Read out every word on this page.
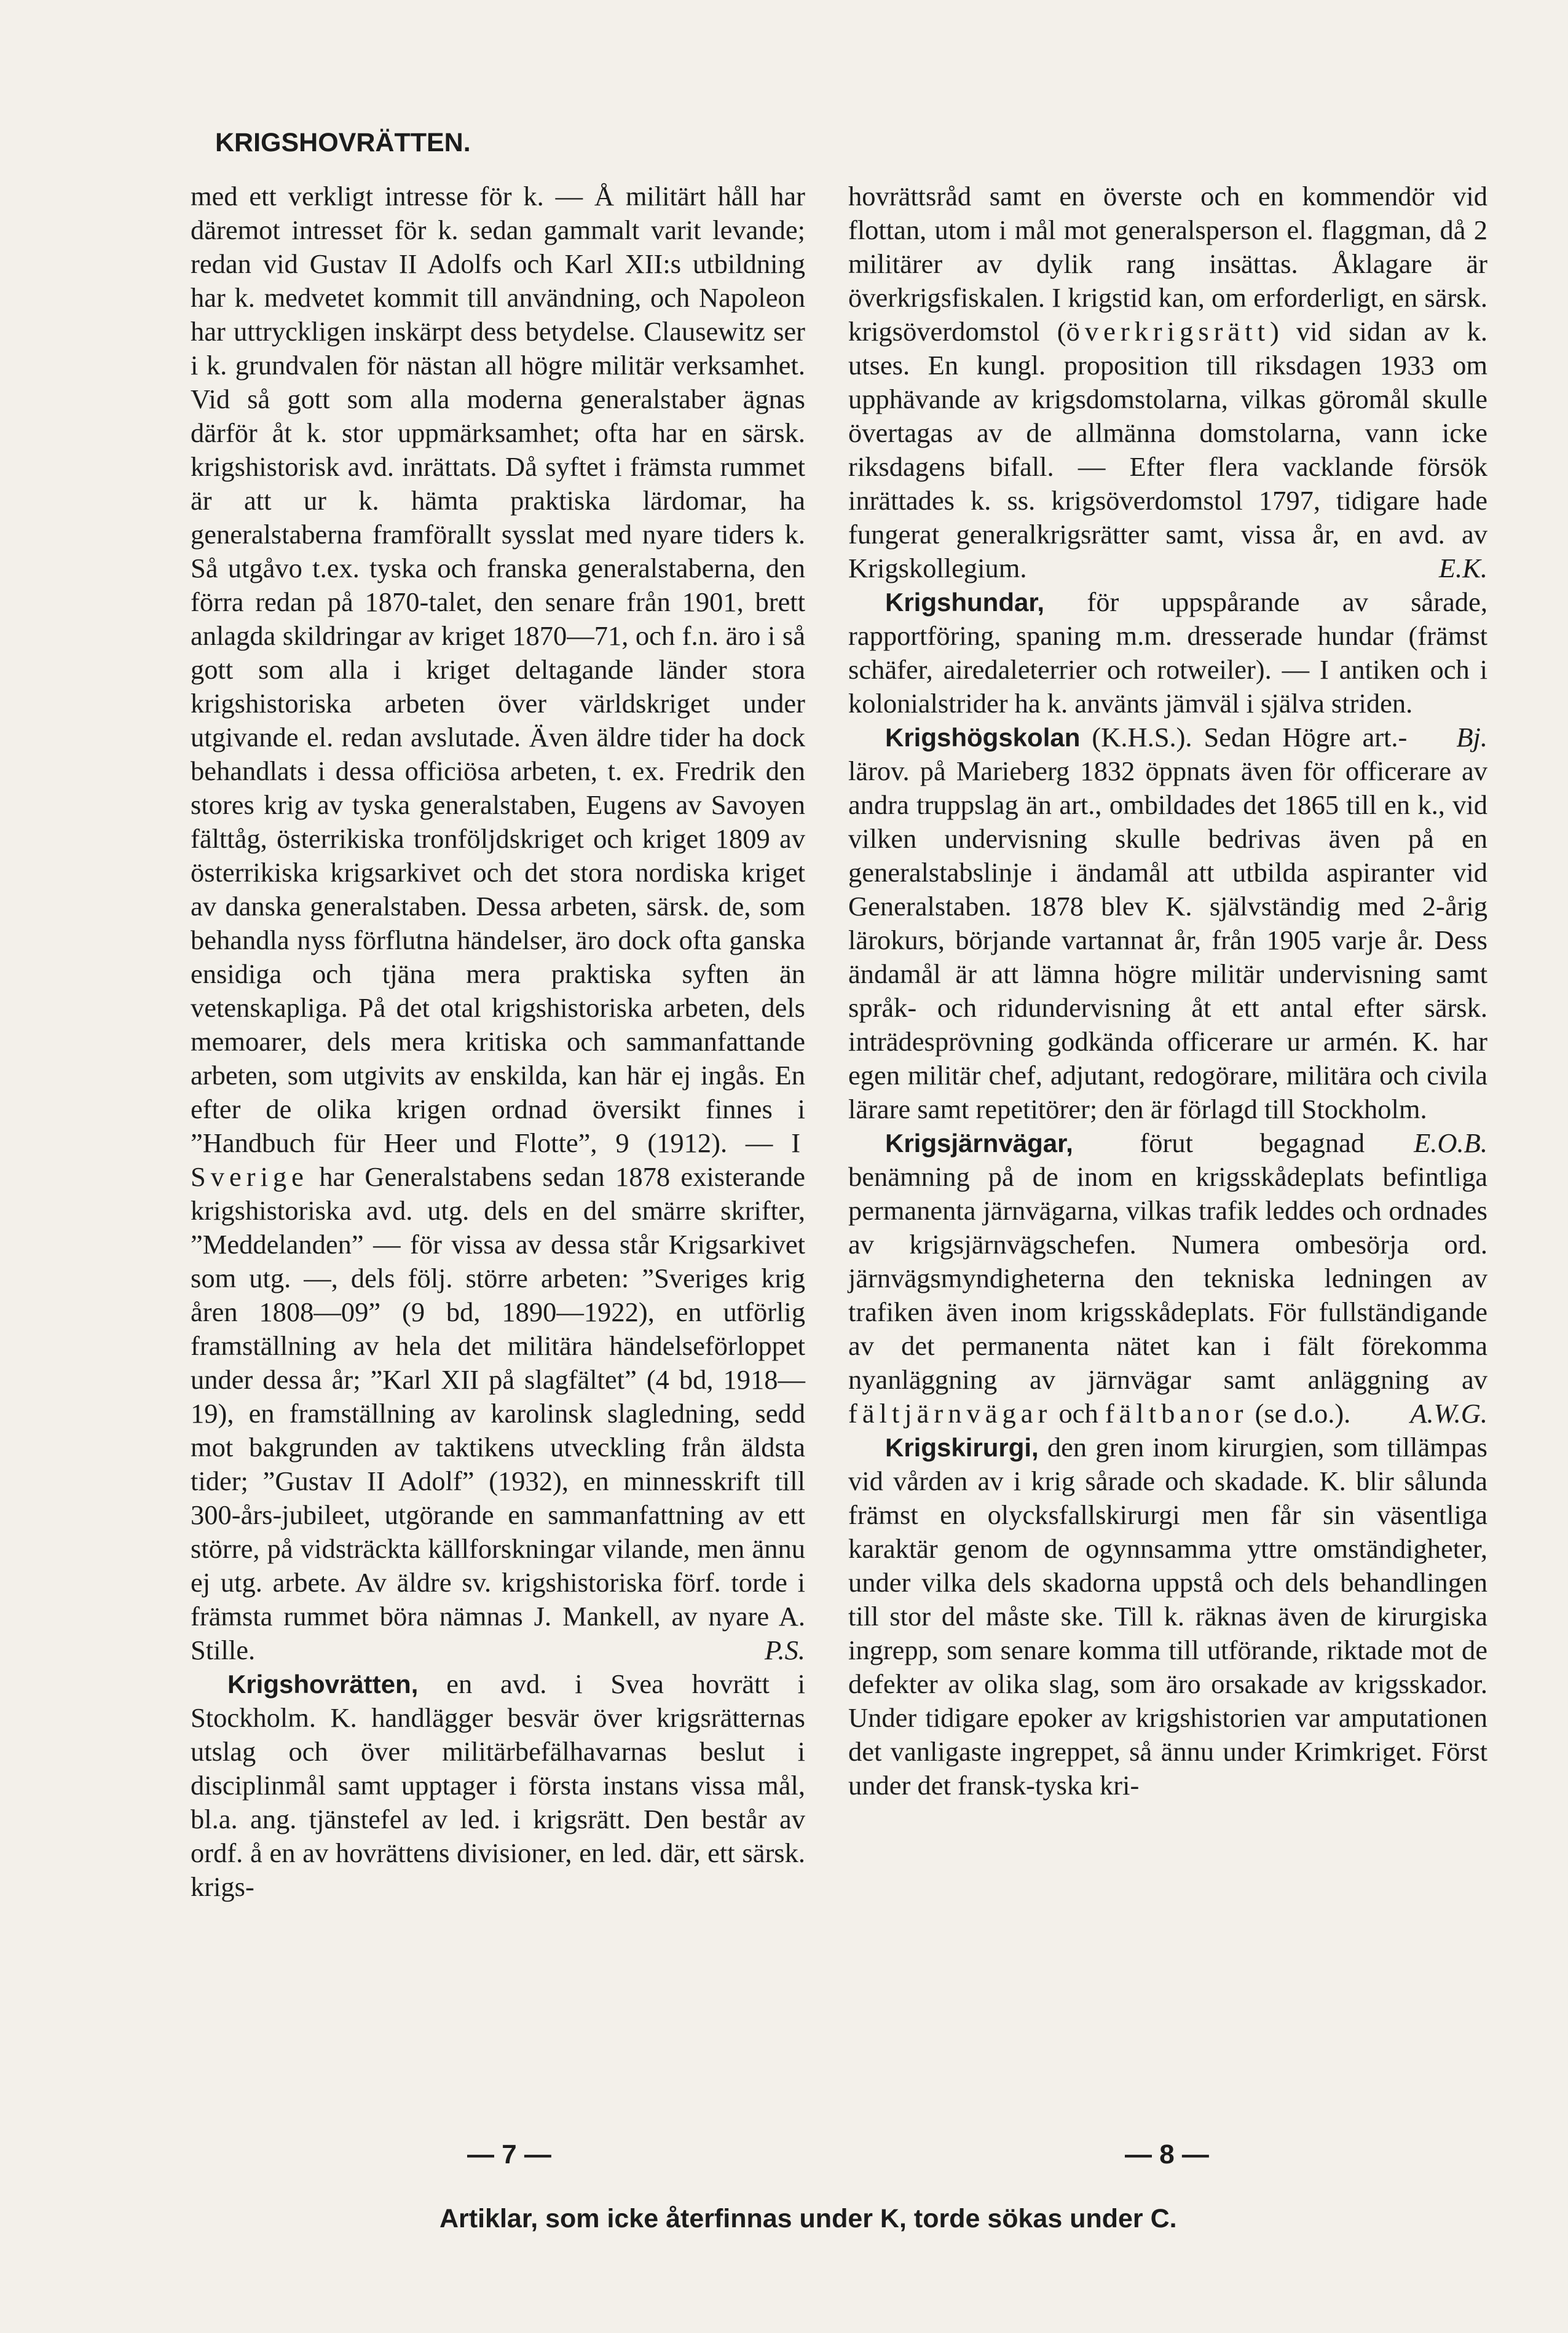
KRIGSHOVRÄTTEN.

med ett verkligt intresse för k. — Å militärt håll har däremot intresset för k. sedan gammalt varit levande; redan vid Gustav II Adolfs och Karl XII:s utbildning har k. medvetet kommit till användning, och Napoleon har uttryckligen inskärpt dess betydelse. Clausewitz ser i k. grundvalen för nästan all högre militär verksamhet. Vid så gott som alla moderna generalstaber ägnas därför åt k. stor uppmärksamhet; ofta har en särsk. krigshistorisk avd. inrättats. Då syftet i främsta rummet är att ur k. hämta praktiska lärdomar, ha generalstaberna framförallt sysslat med nyare tiders k. Så utgåvo t.ex. tyska och franska generalstaberna, den förra redan på 1870-talet, den senare från 1901, brett anlagda skildringar av kriget 1870—71, och f.n. äro i så gott som alla i kriget deltagande länder stora krigshistoriska arbeten över världskriget under utgivande el. redan avslutade. Även äldre tider ha dock behandlats i dessa officiösa arbeten, t. ex. Fredrik den stores krig av tyska generalstaben, Eugens av Savoyen fälttåg, österrikiska tronföljdskriget och kriget 1809 av österrikiska krigsarkivet och det stora nordiska kriget av danska generalstaben. Dessa arbeten, särsk. de, som behandla nyss förflutna händelser, äro dock ofta ganska ensidiga och tjäna mera praktiska syften än vetenskapliga. På det otal krigshistoriska arbeten, dels memoarer, dels mera kritiska och sammanfattande arbeten, som utgivits av enskilda, kan här ej ingås. En efter de olika krigen ordnad översikt finnes i ”Handbuch für Heer und Flotte”, 9 (1912). — I Sverige har Generalstabens sedan 1878 existerande krigshistoriska avd. utg. dels en del smärre skrifter, ”Meddelanden” — för vissa av dessa står Krigsarkivet som utg. —, dels följ. större arbeten: ”Sveriges krig åren 1808—09” (9 bd, 1890—1922), en utförlig framställning av hela det militära händelseförloppet under dessa år; ”Karl XII på slagfältet” (4 bd, 1918—19), en framställning av karolinsk slagledning, sedd mot bakgrunden av taktikens utveckling från äldsta tider; ”Gustav II Adolf” (1932), en minnesskrift till 300-års-jubileet, utgörande en sammanfattning av ett större, på vidsträckta källforskningar vilande, men ännu ej utg. arbete. Av äldre sv. krigshistoriska förf. torde i främsta rummet böra nämnas J. Mankell, av nyare A. Stille.	P.S.

Krigshovrätten, en avd. i Svea hovrätt i Stockholm. K. handlägger besvär över krigsrätternas utslag och över militärbefälhavarnas beslut i disciplinmål samt upptager i första instans vissa mål, bl.a. ang. tjänstefel av led. i krigsrätt. Den består av ordf. å en av hovrättens divisioner, en led. där, ett särsk. krigs-

hovrättsråd samt en överste och en kommendör vid flottan, utom i mål mot generalsperson el. flaggman, då 2 militärer av dylik rang insättas. Åklagare är överkrigsfiskalen. I krigstid kan, om erforderligt, en särsk. krigsöverdomstol (överkrigsrätt) vid sidan av k. utses. En kungl. proposition till riksdagen 1933 om upphävande av krigsdomstolarna, vilkas göromål skulle övertagas av de allmänna domstolarna, vann icke riksdagens bifall. — Efter flera vacklande försök inrättades k. ss. krigsöverdomstol 1797, tidigare hade fungerat generalkrigsrätter samt, vissa år, en avd. av Krigskollegium.	E.K.

Krigshundar, för uppspårande av sårade, rapportföring, spaning m.m. dresserade hundar (främst schäfer, airedaleterrier och rotweiler). — I antiken och i kolonialstrider ha k. använts jämväl i själva striden.
Bj.

Krigshögskolan (K.H.S.). Sedan Högre art.-lärov. på Marieberg 1832 öppnats även för officerare av andra truppslag än art., ombildades det 1865 till en k., vid vilken undervisning skulle bedrivas även på en generalstabslinje i ändamål att utbilda aspiranter vid Generalstaben. 1878 blev K. självständig med 2-årig lärokurs, börjande vartannat år, från 1905 varje år. Dess ändamål är att lämna högre militär undervisning samt språk- och ridundervisning åt ett antal efter särsk. inträdesprövning godkända officerare ur armén. K. har egen militär chef, adjutant, redogörare, militära och civila lärare samt repetitörer; den är förlagd till Stockholm.
E.O.B.

Krigsjärnvägar, förut begagnad benämning på de inom en krigsskådeplats befintliga permanenta järnvägarna, vilkas trafik leddes och ordnades av krigsjärnvägschefen. Numera ombesörja ord. järnvägsmyndigheterna den tekniska ledningen av trafiken även inom krigsskådeplats. För fullständigande av det permanenta nätet kan i fält förekomma nyanläggning av järnvägar samt anläggning av fältjärnvägar och fältbanor (se d.o.).	A.W.G.

Krigskirurgi, den gren inom kirurgien, som tillämpas vid vården av i krig sårade och skadade. K. blir sålunda främst en olycksfallskirurgi men får sin väsentliga karaktär genom de ogynnsamma yttre omständigheter, under vilka dels skadorna uppstå och dels behandlingen till stor del måste ske. Till k. räknas även de kirurgiska ingrepp, som senare komma till utförande, riktade mot de defekter av olika slag, som äro orsakade av krigsskador. Under tidigare epoker av krigshistorien var amputationen det vanligaste ingreppet, så ännu under Krimkriget. Först under det fransk-tyska kri-

— 7 —	— 8 —
Artiklar, som icke återfinnas under K, torde sökas under C.
